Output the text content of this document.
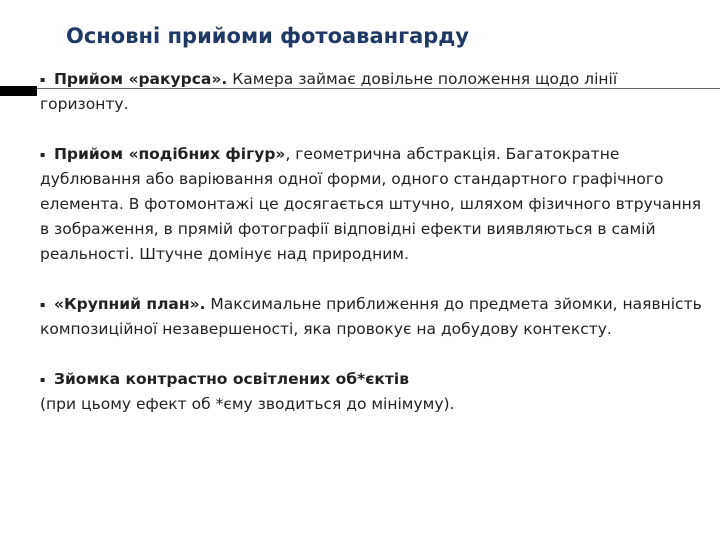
Основні прийоми фотоавангарду

▪ Прийом «ракурса». Камера займає довільне положення щодо лінії горизонту.

▪ Прийом «подібних фігур», геометрична абстракція. Багатократне дублювання або варіювання одної форми, одного стандартного графічного елемента. В фотомонтажі це досягається штучно, шляхом фізичного втручання в зображення, в прямій фотографії відповідні ефекти виявляються в самій реальності. Штучне домінує над природним.

▪ «Крупний план». Максимальне приближення до предмета зйомки, наявність композиційної незавершеності, яка провокує на добудову контексту.

▪ Зйомка контрастно освітлених об*єктів
(при цьому ефект об *єму зводиться до мінімуму).
